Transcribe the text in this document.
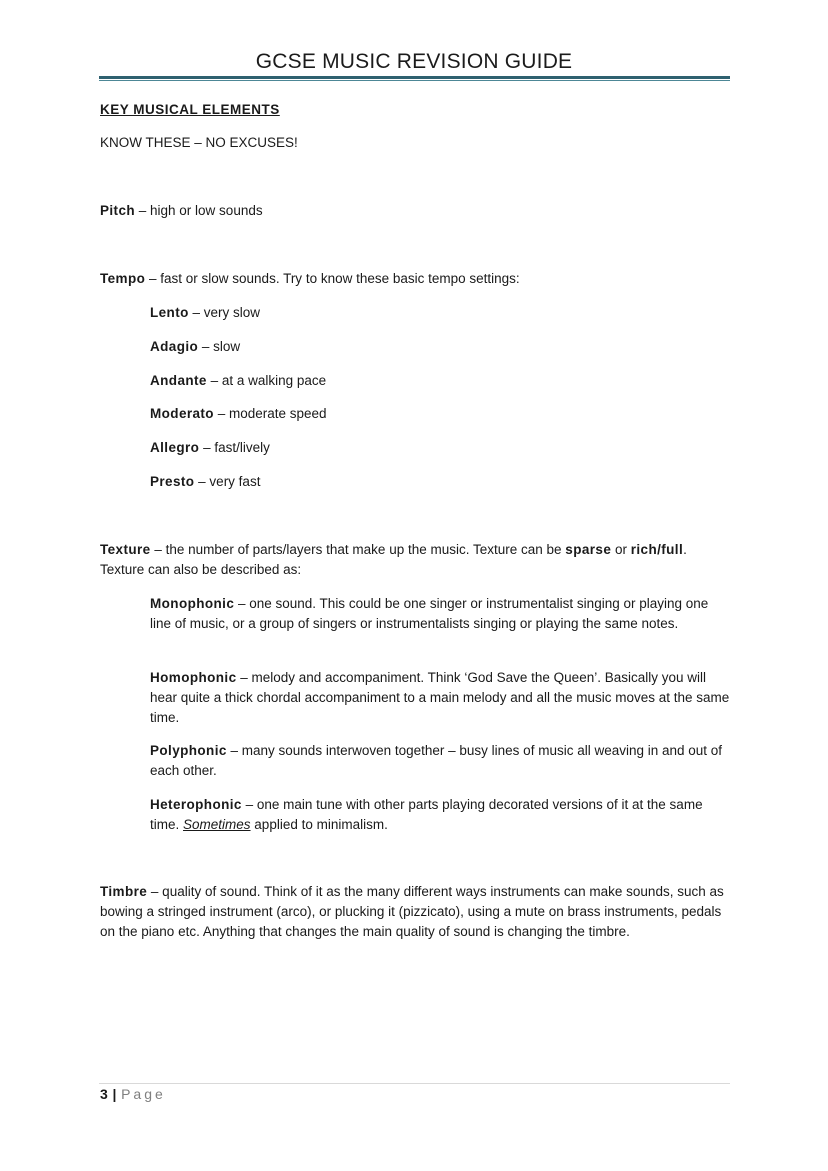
GCSE MUSIC REVISION GUIDE
KEY MUSICAL ELEMENTS
KNOW THESE – NO EXCUSES!
Pitch – high or low sounds
Tempo – fast or slow sounds. Try to know these basic tempo settings:
Lento – very slow
Adagio – slow
Andante – at a walking pace
Moderato – moderate speed
Allegro – fast/lively
Presto – very fast
Texture – the number of parts/layers that make up the music. Texture can be sparse or rich/full. Texture can also be described as:
Monophonic – one sound. This could be one singer or instrumentalist singing or playing one line of music, or a group of singers or instrumentalists singing or playing the same notes.
Homophonic – melody and accompaniment. Think ‘God Save the Queen’. Basically you will hear quite a thick chordal accompaniment to a main melody and all the music moves at the same time.
Polyphonic – many sounds interwoven together – busy lines of music all weaving in and out of each other.
Heterophonic – one main tune with other parts playing decorated versions of it at the same time. Sometimes applied to minimalism.
Timbre – quality of sound. Think of it as the many different ways instruments can make sounds, such as bowing a stringed instrument (arco), or plucking it (pizzicato), using a mute on brass instruments, pedals on the piano etc. Anything that changes the main quality of sound is changing the timbre.
3 | Page
